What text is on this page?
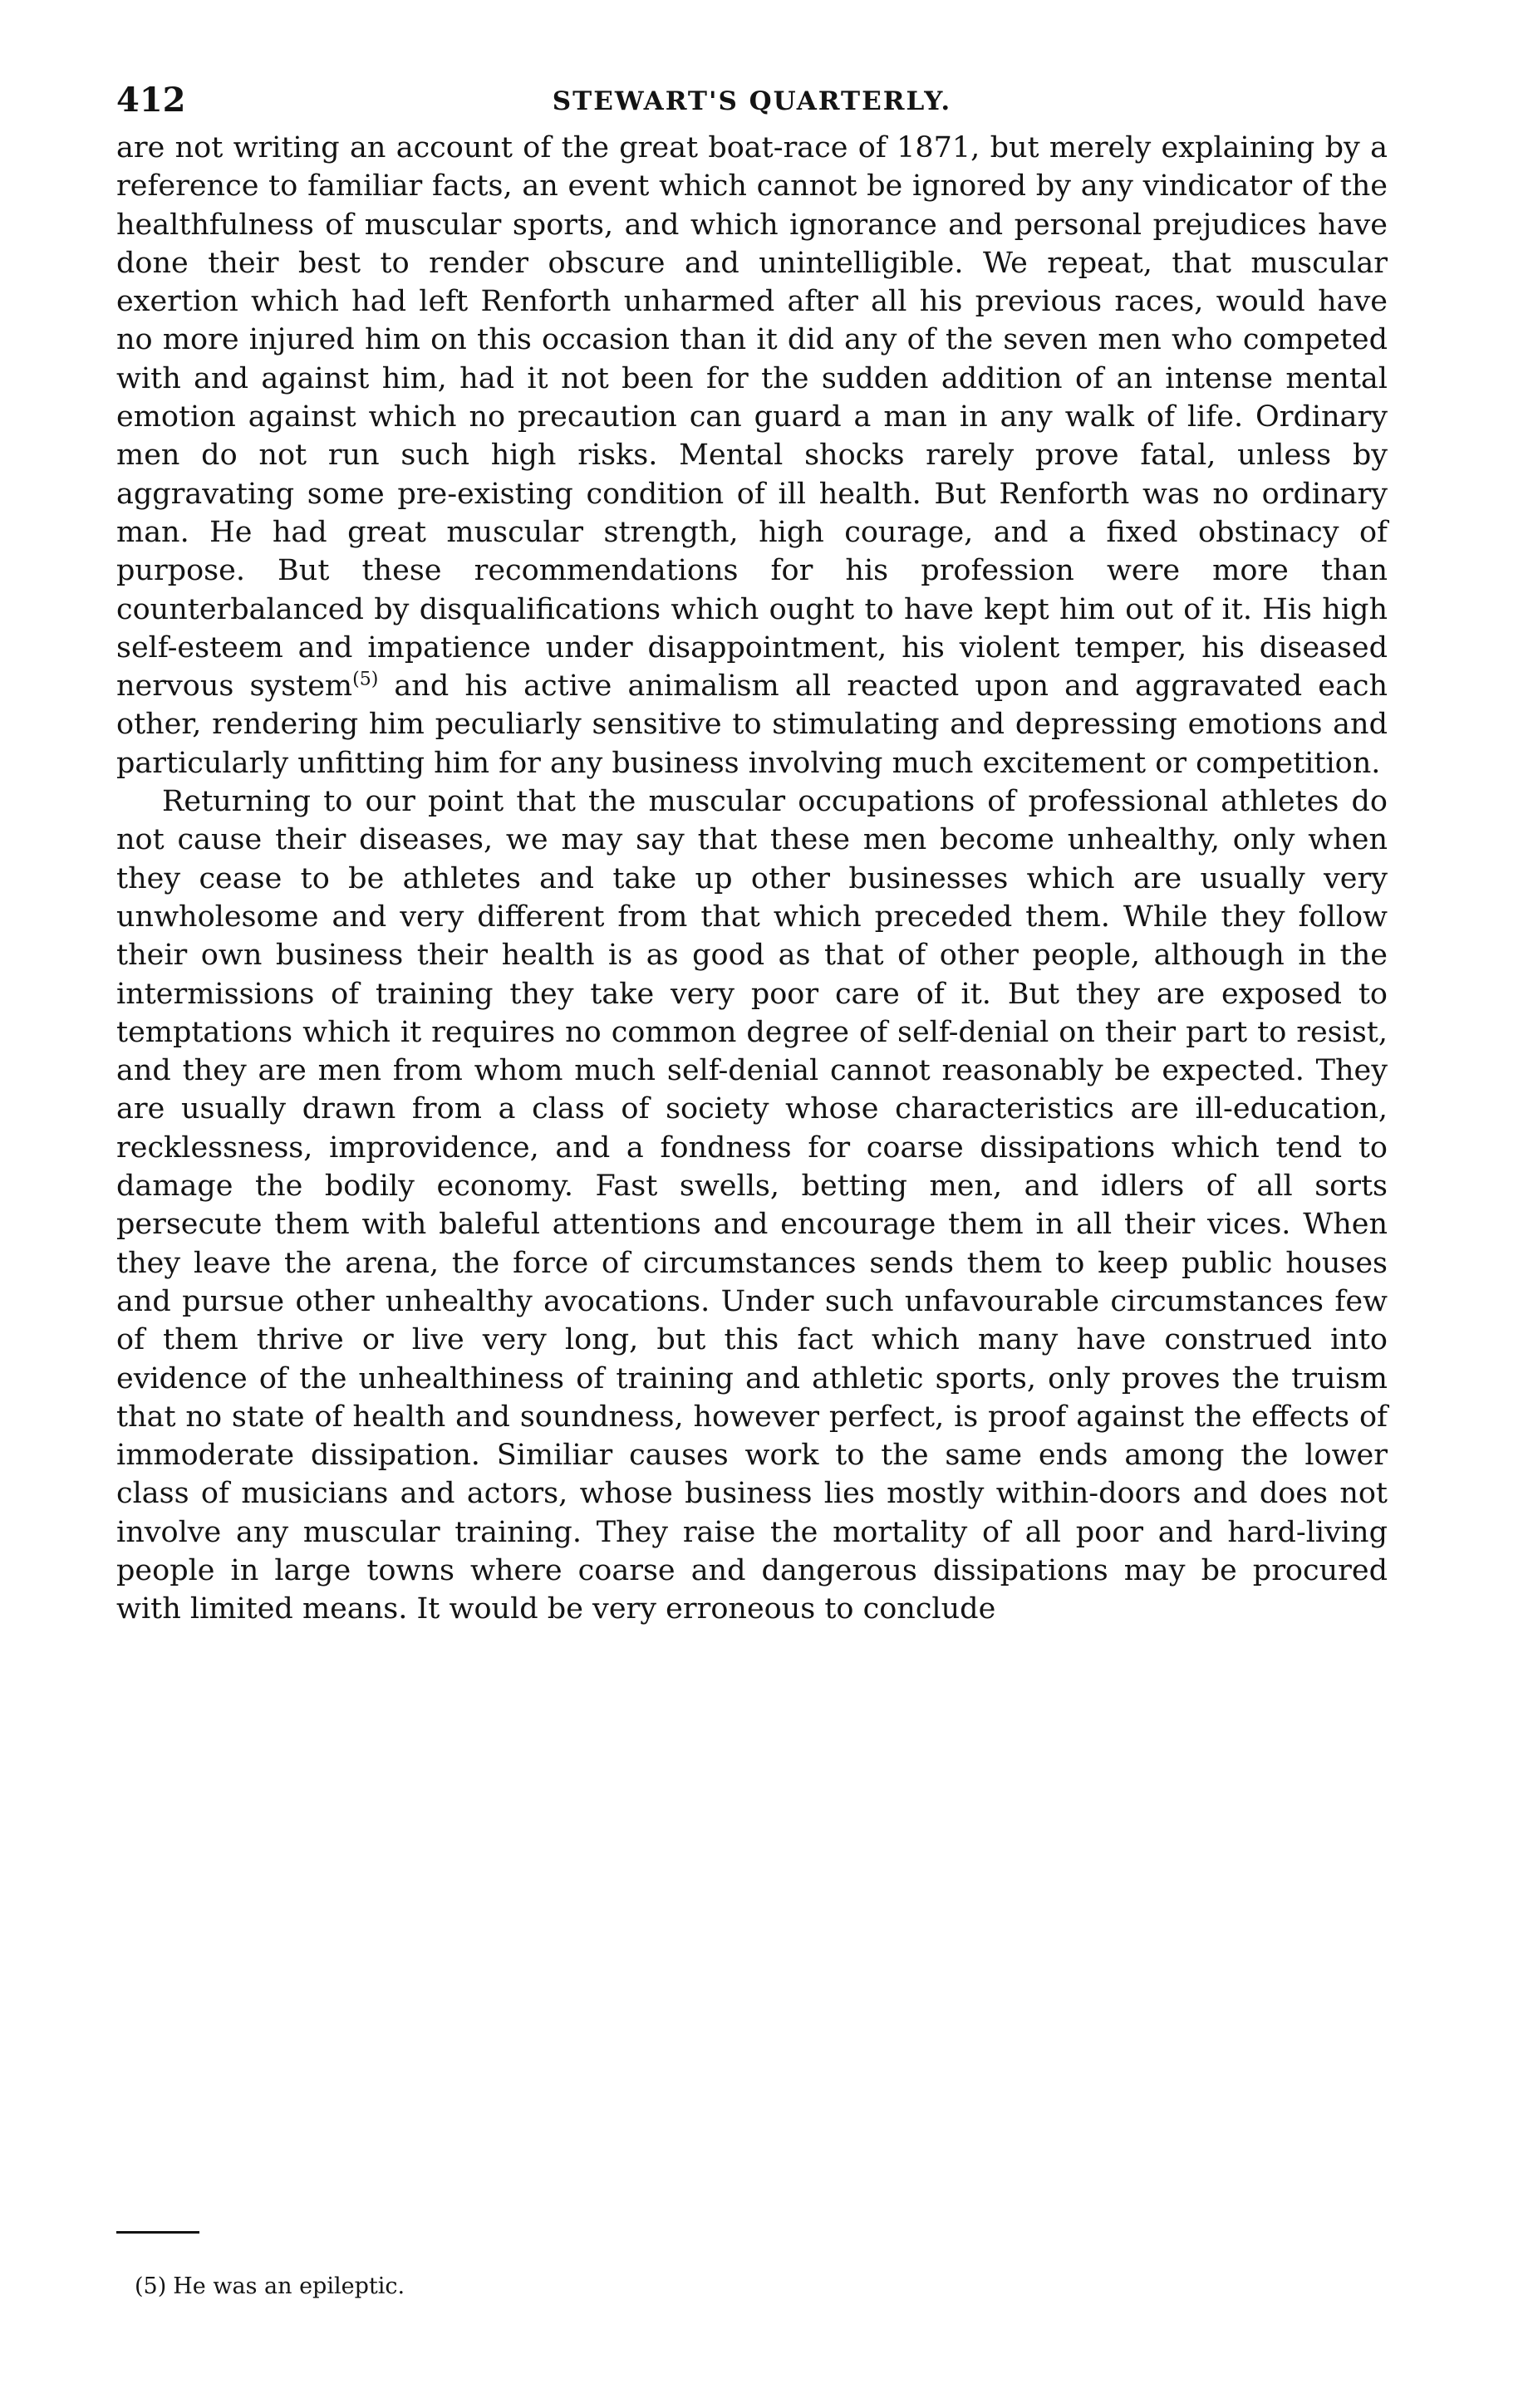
412	STEWART'S QUARTERLY.

are not writing an account of the great boat-race of 1871, but merely explaining by a reference to familiar facts, an event which cannot be ignored by any vindicator of the healthfulness of muscular sports, and which ignorance and personal prejudices have done their best to render obscure and unintelligible. We repeat, that muscular exertion which had left Renforth unharmed after all his previous races, would have no more injured him on this occasion than it did any of the seven men who competed with and against him, had it not been for the sudden addition of an intense mental emotion against which no precaution can guard a man in any walk of life. Ordinary men do not run such high risks. Mental shocks rarely prove fatal, unless by aggravating some pre-existing condition of ill health. But Renforth was no ordinary man. He had great muscular strength, high courage, and a fixed obstinacy of purpose. But these recommendations for his profession were more than counterbalanced by disqualifications which ought to have kept him out of it. His high self-esteem and impatience under disappointment, his violent temper, his diseased nervous system$^{(5)}$ and his active animalism all reacted upon and aggravated each other, rendering him peculiarly sensitive to stimulating and depressing emotions and particularly unfitting him for any business involving much excitement or competition.

Returning to our point that the muscular occupations of professional athletes do not cause their diseases, we may say that these men become unhealthy, only when they cease to be athletes and take up other businesses which are usually very unwholesome and very different from that which preceded them. While they follow their own business their health is as good as that of other people, although in the intermissions of training they take very poor care of it. But they are exposed to temptations which it requires no common degree of self-denial on their part to resist, and they are men from whom much self-denial cannot reasonably be expected. They are usually drawn from a class of society whose characteristics are ill-education, recklessness, improvidence, and a fondness for coarse dissipations which tend to damage the bodily economy. Fast swells, betting men, and idlers of all sorts persecute them with baleful attentions and encourage them in all their vices. When they leave the arena, the force of circumstances sends them to keep public houses and pursue other unhealthy avocations. Under such unfavourable circumstances few of them thrive or live very long, but this fact which many have construed into evidence of the unhealthiness of training and athletic sports, only proves the truism that no state of health and soundness, however perfect, is proof against the effects of immoderate dissipation. Similiar causes work to the same ends among the lower class of musicians and actors, whose business lies mostly within-doors and does not involve any muscular training. They raise the mortality of all poor and hard-living people in large towns where coarse and dangerous dissipations may be procured with limited means. It would be very erroneous to conclude

(5) He was an epileptic.
